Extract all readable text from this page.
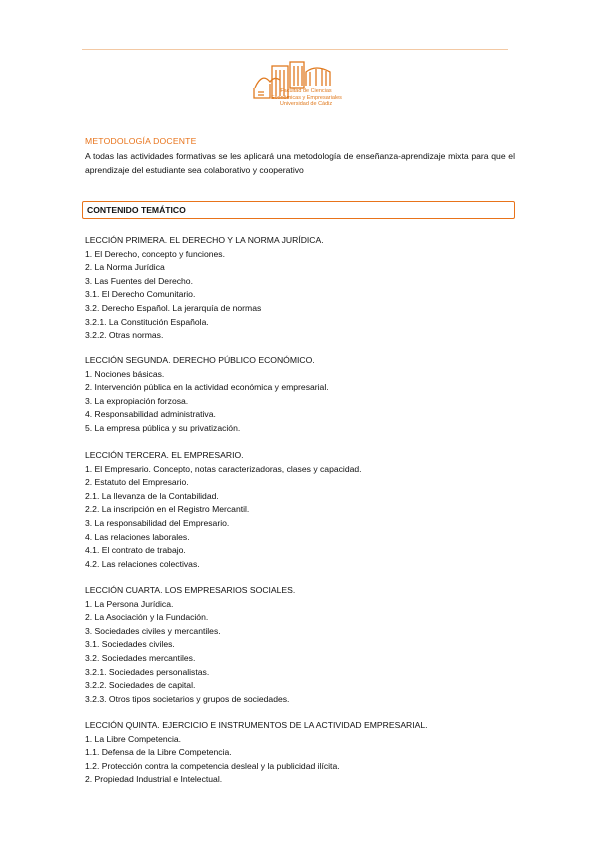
Facultad de Ciencias
Económicas y Empresariales
Universidad de Cádiz
METODOLOGÍA DOCENTE
A todas las actividades formativas se les aplicará una metodología de enseñanza-aprendizaje mixta para que el aprendizaje del estudiante sea colaborativo y cooperativo
CONTENIDO TEMÁTICO
LECCIÓN PRIMERA. EL DERECHO Y LA NORMA JURÍDICA.
1. El Derecho, concepto y funciones.
2. La Norma Jurídica
3. Las Fuentes del Derecho.
3.1. El Derecho Comunitario.
3.2. Derecho Español. La jerarquía de normas
3.2.1. La Constitución Española.
3.2.2. Otras normas.
LECCIÓN SEGUNDA. DERECHO PÚBLICO ECONÓMICO.
1. Nociones básicas.
2. Intervención pública en la actividad económica y empresarial.
3. La expropiación forzosa.
4. Responsabilidad administrativa.
5. La empresa pública y su privatización.
LECCIÓN TERCERA. EL EMPRESARIO.
1. El Empresario. Concepto, notas caracterizadoras, clases y capacidad.
2. Estatuto del Empresario.
2.1. La llevanza de la Contabilidad.
2.2. La inscripción en el Registro Mercantil.
3. La responsabilidad del Empresario.
4. Las relaciones laborales.
4.1. El contrato de trabajo.
4.2. Las relaciones colectivas.
LECCIÓN CUARTA. LOS EMPRESARIOS SOCIALES.
1. La Persona Jurídica.
2. La Asociación y la Fundación.
3. Sociedades civiles y mercantiles.
3.1. Sociedades civiles.
3.2. Sociedades mercantiles.
3.2.1. Sociedades personalistas.
3.2.2. Sociedades de capital.
3.2.3. Otros tipos societarios y grupos de sociedades.
LECCIÓN QUINTA. EJERCICIO E INSTRUMENTOS DE LA ACTIVIDAD EMPRESARIAL.
1. La Libre Competencia.
1.1. Defensa de la Libre Competencia.
1.2. Protección contra la competencia desleal y la publicidad ilícita.
2. Propiedad Industrial e Intelectual.
